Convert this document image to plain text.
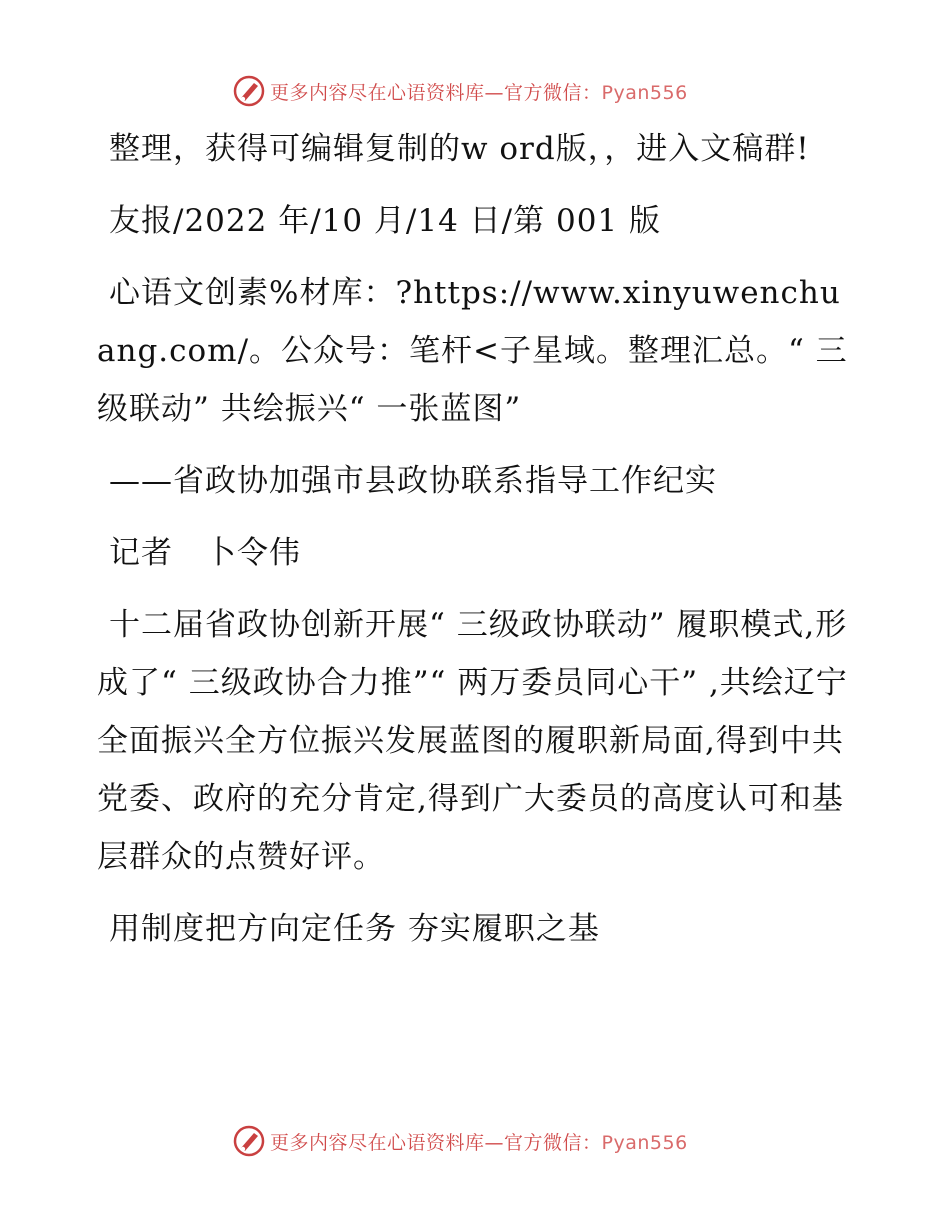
更多内容尽在心语资料库—官方微信：Pyan556

整理，获得可编辑复制的w ord版，，进入文稿群!

友报/2022 年/10 月/14 日/第 001 版

心语文创素%材库：?https://www.xinyuwenchuang.com/。公众号：笔杆<子星域。整理汇总。“ 三级联动” 共绘振兴“ 一张蓝图”

——省政协加强市县政协联系指导工作纪实

记者　卜令伟

十二届省政协创新开展“ 三级政协联动” 履职模式,形成了“ 三级政协合力推”“ 两万委员同心干” ,共绘辽宁全面振兴全方位振兴发展蓝图的履职新局面,得到中共党委、政府的充分肯定,得到广大委员的高度认可和基层群众的点赞好评。

用制度把方向定任务 夯实履职之基

更多内容尽在心语资料库—官方微信：Pyan556
